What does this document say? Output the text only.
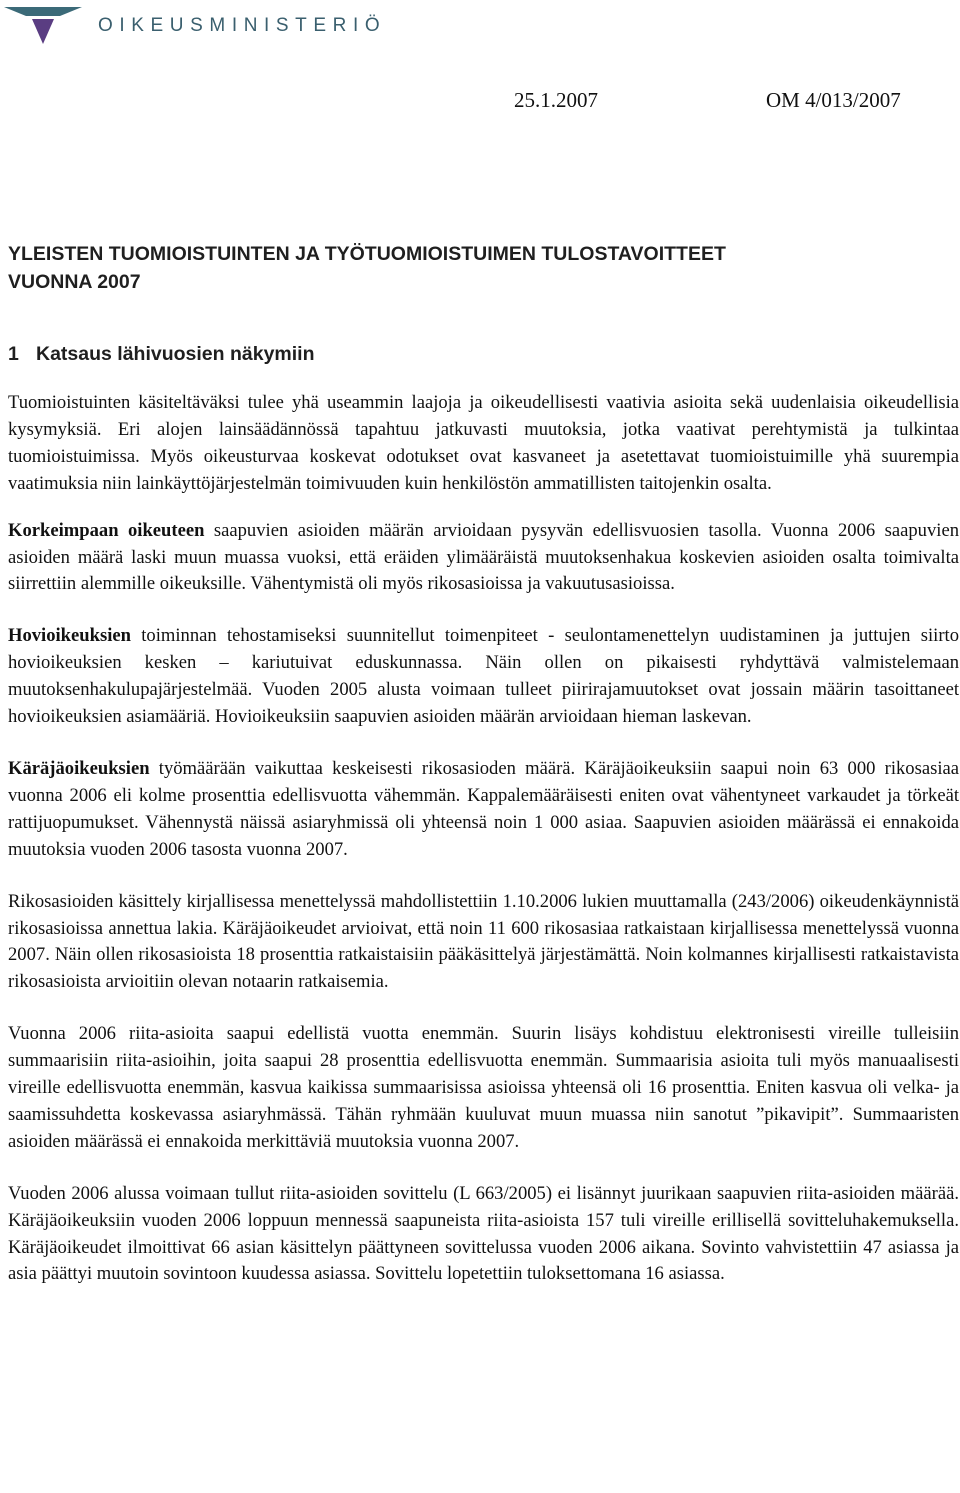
OIKEUSMINISTERIÖ
25.1.2007	OM 4/013/2007
YLEISTEN TUOMIOISTUINTEN JA TYÖTUOMIOISTUIMEN TULOSTAVOITTEET
VUONNA 2007
1 Katsaus lähivuosien näkymiin

Tuomioistuinten käsiteltäväksi tulee yhä useammin laajoja ja oikeudellisesti vaativia asioita sekä uudenlaisia oikeudellisia kysymyksiä. Eri alojen lainsäädännössä tapahtuu jatkuvasti muutoksia, jotka vaativat perehtymistä ja tulkintaa tuomioistuimissa. Myös oikeusturvaa koskevat odotukset ovat kasvaneet ja asetettavat tuomioistuimille yhä suurempia vaatimuksia niin lainkäyttöjärjestelmän toimivuuden kuin henkilöstön ammatillisten taitojenkin osalta.

Korkeimpaan oikeuteen saapuvien asioiden määrän arvioidaan pysyvän edellisvuosien tasolla. Vuonna 2006 saapuvien asioiden määrä laski muun muassa vuoksi, että eräiden ylimääräistä muutoksenhakua koskevien asioiden osalta toimivalta siirrettiin alemmille oikeuksille. Vähentymistä oli myös rikosasioissa ja vakuutusasioissa.

Hovioikeuksien toiminnan tehostamiseksi suunnitellut toimenpiteet - seulontamenettelyn uudistaminen ja juttujen siirto hovioikeuksien kesken – kariutuivat eduskunnassa. Näin ollen on pikaisesti ryhdyttävä valmistelemaan muutoksenhakulupajärjestelmää. Vuoden 2005 alusta voimaan tulleet piirirajamuutokset ovat jossain määrin tasoittaneet hovioikeuksien asiamääriä. Hovioikeuksiin saapuvien asioiden määrän arvioidaan hieman laskevan.

Käräjäoikeuksien työmäärään vaikuttaa keskeisesti rikosasioden määrä. Käräjäoikeuksiin saapui noin 63 000 rikosasiaa vuonna 2006 eli kolme prosenttia edellisvuotta vähemmän. Kappalemääräisesti eniten ovat vähentyneet varkaudet ja törkeät rattijuopumukset. Vähennystä näissä asiaryhmissä oli yhteensä noin 1 000 asiaa. Saapuvien asioiden määrässä ei ennakoida muutoksia vuoden 2006 tasosta vuonna 2007.

Rikosasioiden käsittely kirjallisessa menettelyssä mahdollistettiin 1.10.2006 lukien muuttamalla (243/2006) oikeudenkäynnistä rikosasioissa annettua lakia. Käräjäoikeudet arvioivat, että noin 11 600 rikosasiaa ratkaistaan kirjallisessa menettelyssä vuonna 2007. Näin ollen rikosasioista 18 prosenttia ratkaistaisiin pääkäsittelyä järjestämättä. Noin kolmannes kirjallisesti ratkaistavista rikosasioista arvioitiin olevan notaarin ratkaisemia.

Vuonna 2006 riita-asioita saapui edellistä vuotta enemmän. Suurin lisäys kohdistuu elektronisesti vireille tulleisiin summaarisiin riita-asioihin, joita saapui 28 prosenttia edellisvuotta enemmän. Summaarisia asioita tuli myös manuaalisesti vireille edellisvuotta enemmän, kasvua kaikissa summaarisissa asioissa yhteensä oli 16 prosenttia. Eniten kasvua oli velka- ja saamissuhdetta koskevassa asiaryhmässä. Tähän ryhmään kuuluvat muun muassa niin sanotut ”pikavipit”. Summaaristen asioiden määrässä ei ennakoida merkittäviä muutoksia vuonna 2007.

Vuoden 2006 alussa voimaan tullut riita-asioiden sovittelu (L 663/2005) ei lisännyt juurikaan saapuvien riita-asioiden määrää. Käräjäoikeuksiin vuoden 2006 loppuun mennessä saapuneista riita-asioista 157 tuli vireille erillisellä sovitteluhakemuksella. Käräjäoikeudet ilmoittivat 66 asian käsittelyn päättyneen sovittelussa vuoden 2006 aikana. Sovinto vahvistettiin 47 asiassa ja asia päättyi muutoin sovintoon kuudessa asiassa. Sovittelu lopetettiin tuloksettomana 16 asiassa.
